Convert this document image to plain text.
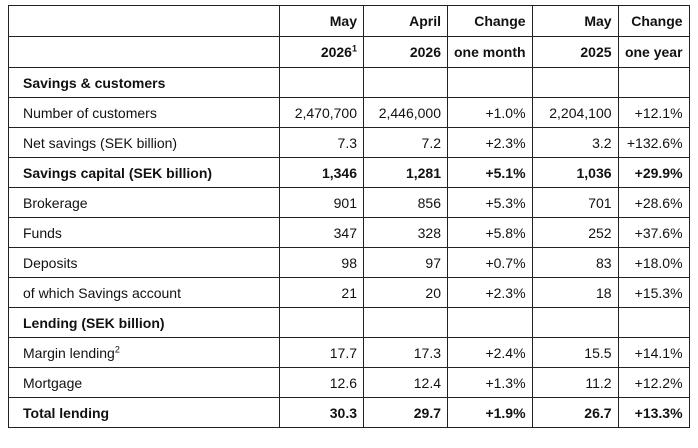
	May	April	Change	May	Change
	2026$^1$	2026	one month	2025	one year
Savings & customers					
Number of customers	2,470,700	2,446,000	+1.0%	2,204,100	+12.1%
Net savings (SEK billion)	7.3	7.2	+2.3%	3.2	+132.6%
Savings capital (SEK billion)	1,346	1,281	+5.1%	1,036	+29.9%
Brokerage	901	856	+5.3%	701	+28.6%
Funds	347	328	+5.8%	252	+37.6%
Deposits	98	97	+0.7%	83	+18.0%
of which Savings account	21	20	+2.3%	18	+15.3%
Lending (SEK billion)					
Margin lending$^2$	17.7	17.3	+2.4%	15.5	+14.1%
Mortgage	12.6	12.4	+1.3%	11.2	+12.2%
Total lending	30.3	29.7	+1.9%	26.7	+13.3%
